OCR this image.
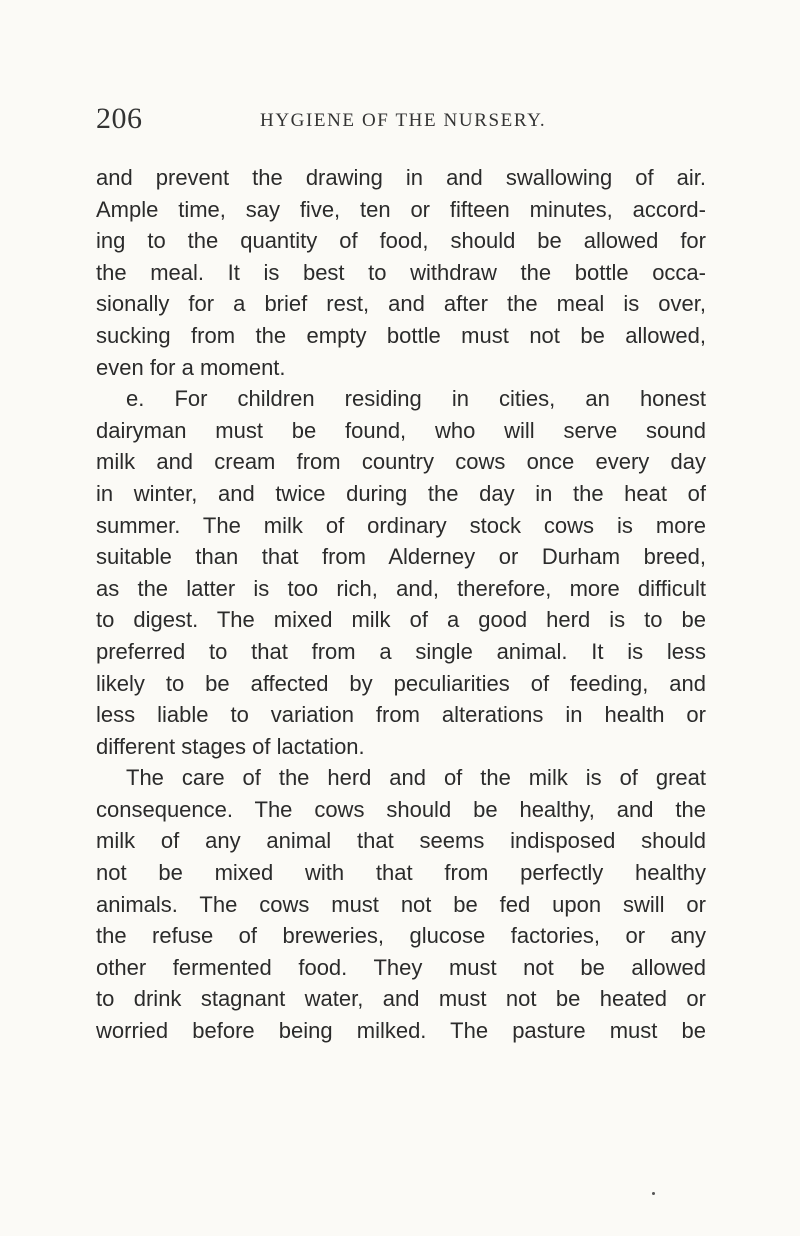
206	HYGIENE OF THE NURSERY.
and prevent the drawing in and swallowing of air.
Ample time, say five, ten or fifteen minutes, accord-
ing to the quantity of food, should be allowed for
the meal. It is best to withdraw the bottle occa-
sionally for a brief rest, and after the meal is over,
sucking from the empty bottle must not be allowed,
even for a moment.
e. For children residing in cities, an honest
dairyman must be found, who will serve sound
milk and cream from country cows once every day
in winter, and twice during the day in the heat of
summer. The milk of ordinary stock cows is more
suitable than that from Alderney or Durham breed,
as the latter is too rich, and, therefore, more difficult
to digest. The mixed milk of a good herd is to be
preferred to that from a single animal. It is less
likely to be affected by peculiarities of feeding, and
less liable to variation from alterations in health or
different stages of lactation.
The care of the herd and of the milk is of great
consequence. The cows should be healthy, and the
milk of any animal that seems indisposed should
not be mixed with that from perfectly healthy
animals. The cows must not be fed upon swill or
the refuse of breweries, glucose factories, or any
other fermented food. They must not be allowed
to drink stagnant water, and must not be heated or
worried before being milked. The pasture must be
